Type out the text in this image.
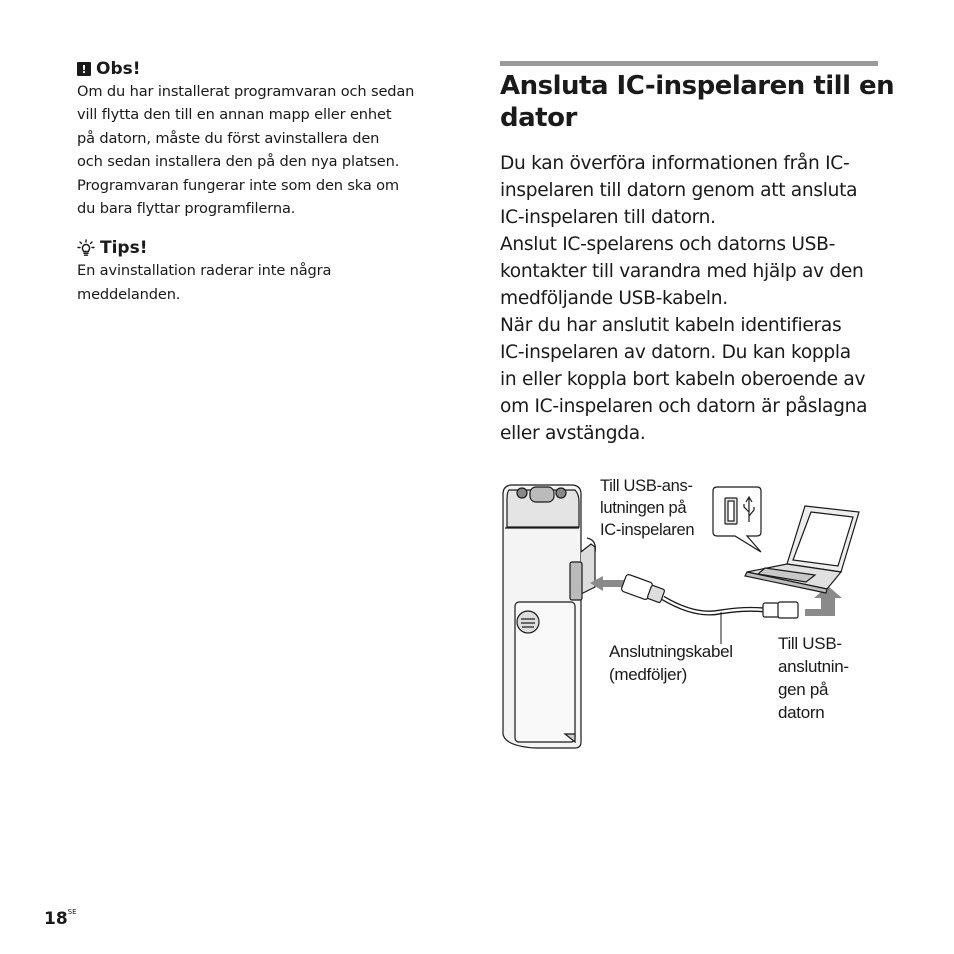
! Obs!

Om du har installerat programvaran och sedan
vill flytta den till en annan mapp eller enhet
på datorn, måste du först avinstallera den
och sedan installera den på den nya platsen.
Programvaran fungerar inte som den ska om
du bara flyttar programfilerna.

Tips!

En avinstallation raderar inte några
meddelanden.

Ansluta IC-inspelaren till en
dator
Du kan överföra informationen från IC-
inspelaren till datorn genom att ansluta
IC-inspelaren till datorn.
Anslut IC-spelarens och datorns USB-
kontakter till varandra med hjälp av den
medföljande USB-kabeln.
När du har anslutit kabeln identifieras
IC-inspelaren av datorn. Du kan koppla
in eller koppla bort kabeln oberoende av
om IC-inspelaren och datorn är påslagna
eller avstängda.
Till USB-ans-
lutningen på
IC-inspelaren
Anslutningskabel
(medföljer)
Till USB-
anslutnin-
gen på
datorn
$18^{SE}$
